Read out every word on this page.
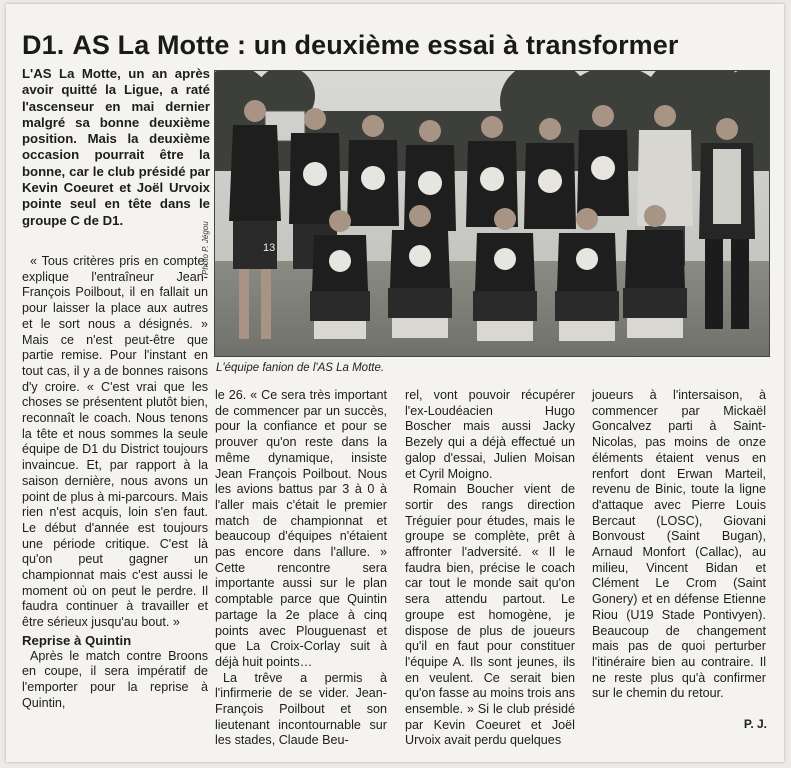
D1. AS La Motte : un deuxième essai à transformer
L'AS La Motte, un an après avoir quitté la Ligue, a raté l'ascenseur en mai dernier malgré sa bonne deuxième position. Mais la deuxième occasion pourrait être la bonne, car le club présidé par Kevin Coeuret et Joël Urvoix pointe seul en tête dans le groupe C de D1.
13
Photo P. Jégou
L'équipe fanion de l'AS La Motte.

« Tous critères pris en compte, explique l'entraîneur Jean-François Poilbout, il en fallait un pour laisser la place aux autres et le sort nous a désignés. » Mais ce n'est peut-être que partie remise. Pour l'instant en tout cas, il y a de bonnes raisons d'y croire. « C'est vrai que les choses se présentent plutôt bien, reconnaît le coach. Nous tenons la tête et nous sommes la seule équipe de D1 du District toujours invaincue. Et, par rapport à la saison dernière, nous avons un point de plus à mi-parcours. Mais rien n'est acquis, loin s'en faut. Le début d'année est toujours une période critique. C'est là qu'on peut gagner un championnat mais c'est aussi le moment où on peut le perdre. Il faudra continuer à travailler et être sérieux jusqu'au bout. »

Reprise à Quintin

Après le match contre Broons en coupe, il sera impératif de l'emporter pour la reprise à Quintin,

le 26. « Ce sera très important de commencer par un succès, pour la confiance et pour se prouver qu'on reste dans la même dynamique, insiste Jean François Poilbout. Nous les avions battus par 3 à 0 à l'aller mais c'était le premier match de championnat et beaucoup d'équipes n'étaient pas encore dans l'allure. » Cette rencontre sera importante aussi sur le plan comptable parce que Quintin partage la 2e place à cinq points avec Plouguenast et que La Croix-Corlay suit à déjà huit points…

La trêve a permis à l'infirmerie de se vider. Jean-François Poilbout et son lieutenant incontournable sur les stades, Claude Beu-

rel, vont pouvoir récupérer l'ex-Loudéacien Hugo Boscher mais aussi Jacky Bezely qui a déjà effectué un galop d'essai, Julien Moisan et Cyril Moigno.

Romain Boucher vient de sortir des rangs direction Tréguier pour études, mais le groupe se complète, prêt à affronter l'adversité. « Il le faudra bien, précise le coach car tout le monde sait qu'on sera attendu partout. Le groupe est homogène, je dispose de plus de joueurs qu'il en faut pour constituer l'équipe A. Ils sont jeunes, ils en veulent. Ce serait bien qu'on fasse au moins trois ans ensemble. » Si le club présidé par Kevin Coeuret et Joël Urvoix avait perdu quelques

joueurs à l'intersaison, à commencer par Mickaël Goncalvez parti à Saint-Nicolas, pas moins de onze éléments étaient venus en renfort dont Erwan Marteil, revenu de Binic, toute la ligne d'attaque avec Pierre Louis Bercaut (LOSC), Giovani Bonvoust (Saint Bugan), Arnaud Monfort (Callac), au milieu, Vincent Bidan et Clément Le Crom (Saint Gonery) et en défense Etienne Riou (U19 Stade Pontivyen). Beaucoup de changement mais pas de quoi perturber l'itinéraire bien au contraire. Il ne reste plus qu'à confirmer sur le chemin du retour.

P. J.
